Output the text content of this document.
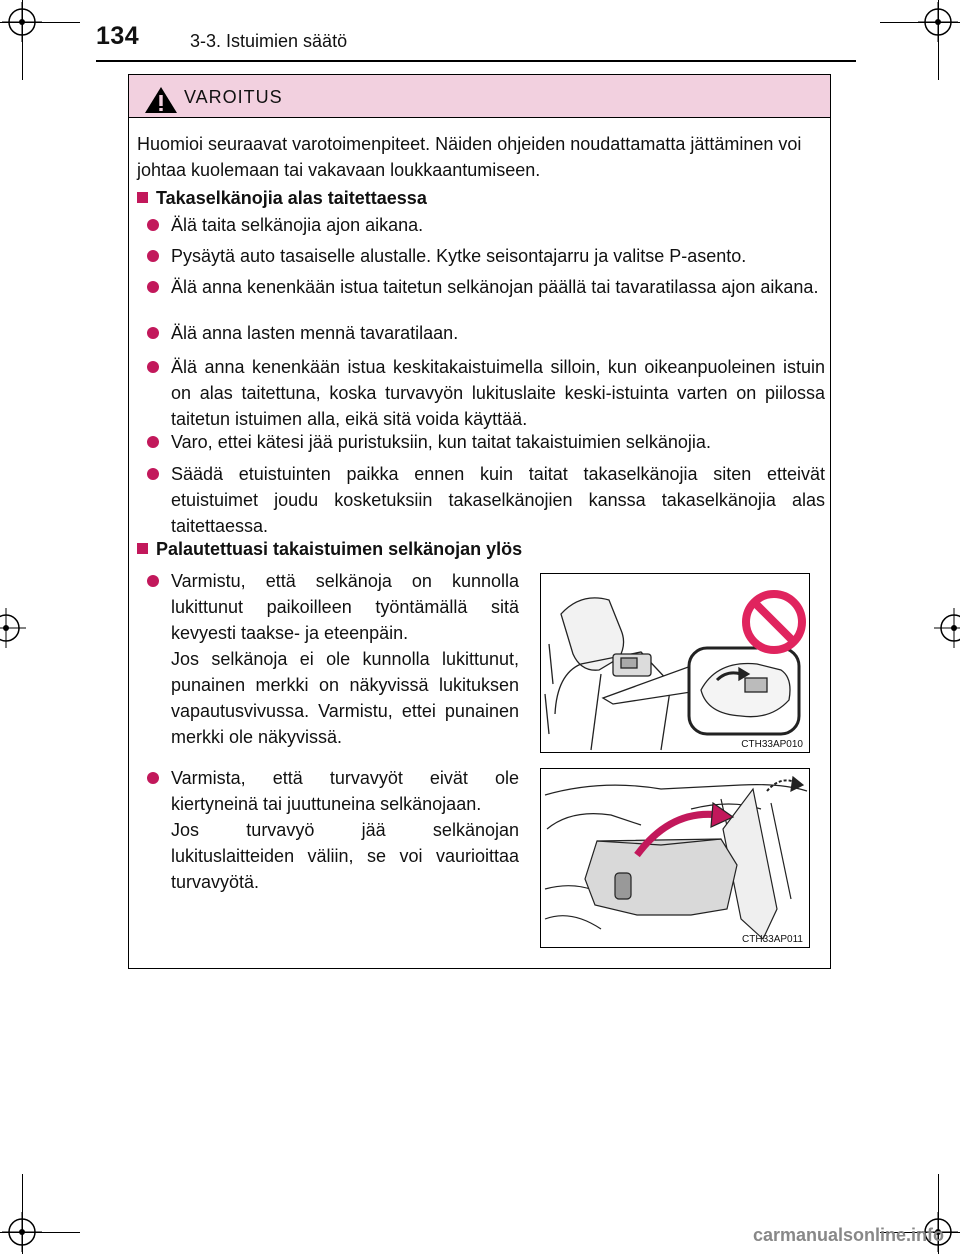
134	3-3. Istuimien säätö
VAROITUS
Huomioi seuraavat varotoimenpiteet. Näiden ohjeiden noudattamatta jättäminen voi johtaa kuolemaan tai vakavaan loukkaantumiseen.
Takaselkänojia alas taitettaessa
Älä taita selkänojia ajon aikana.
Pysäytä auto tasaiselle alustalle. Kytke seisontajarru ja valitse P-asento.
Älä anna kenenkään istua taitetun selkänojan päällä tai tavaratilassa ajon aikana.
Älä anna lasten mennä tavaratilaan.
Älä anna kenenkään istua keskitakaistuimella silloin, kun oikeanpuoleinen istuin on alas taitettuna, koska turvavyön lukituslaite keski-istuinta varten on piilossa taitetun istuimen alla, eikä sitä voida käyttää.
Varo, ettei kätesi jää puristuksiin, kun taitat takaistuimien selkänojia.
Säädä etuistuinten paikka ennen kuin taitat takaselkänojia siten etteivät etuistuimet joudu kosketuksiin takaselkänojien kanssa takaselkänojia alas taitettaessa.
Palautettuasi takaistuimen selkänojan ylös
Varmistu, että selkänoja on kunnolla lukittunut paikoilleen työntämällä sitä kevyesti taakse- ja eteenpäin.
Jos selkänoja ei ole kunnolla lukittunut, punainen merkki on näkyvissä lukituksen vapautusvivussa. Varmistu, ettei punainen merkki ole näkyvissä.
Varmista, että turvavyöt eivät ole kiertyneinä tai juuttuneina selkänojaan.
Jos turvavyö jää selkänojan lukituslaitteiden väliin, se voi vaurioittaa turvavyötä.
CTH33AP010
CTH33AP011
carmanualsonline.info
